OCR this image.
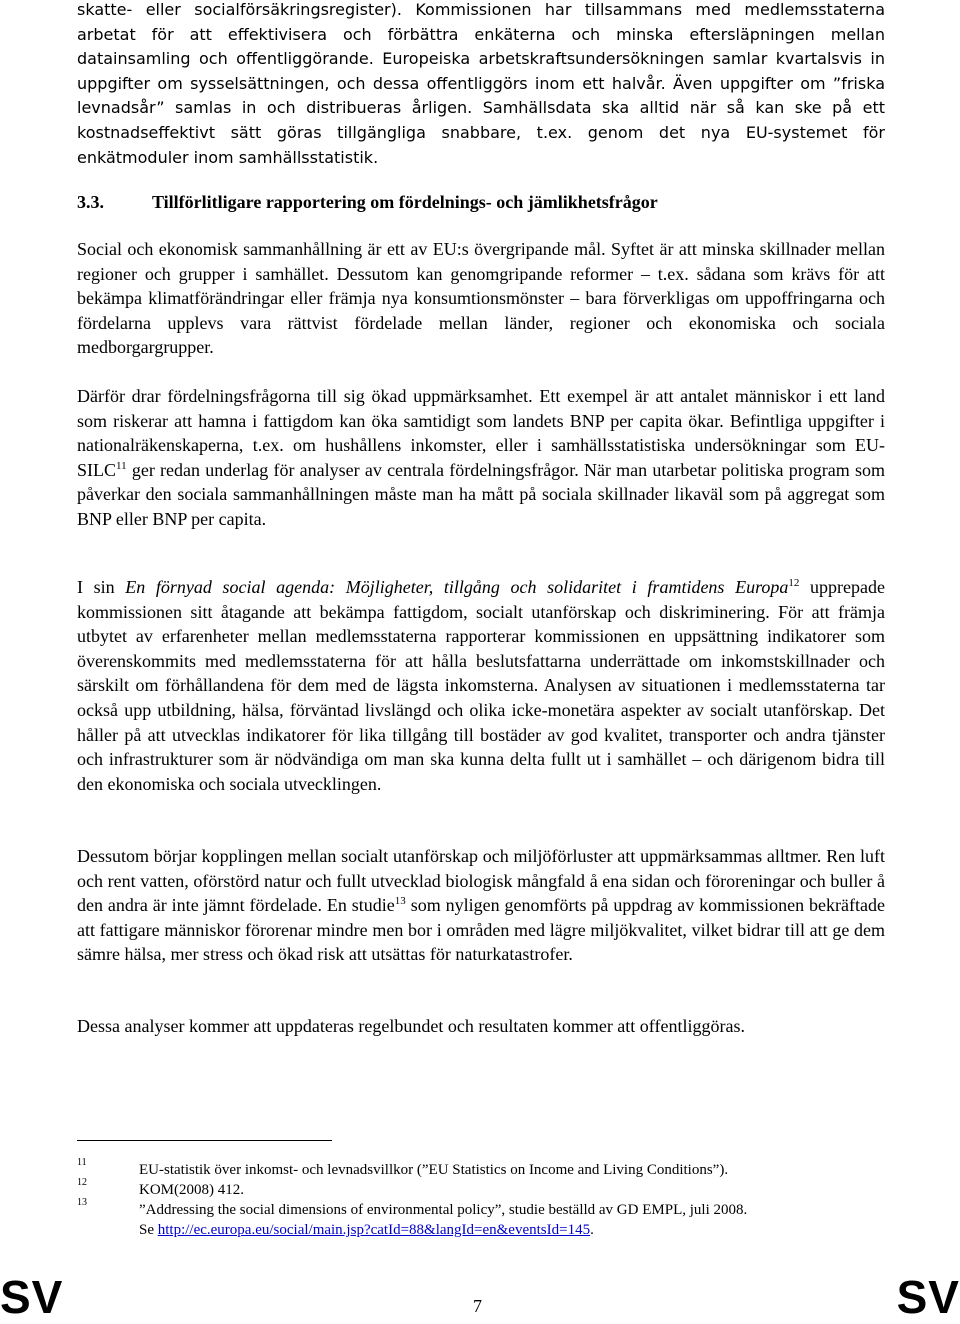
skatte- eller socialförsäkringsregister). Kommissionen har tillsammans med medlemsstaterna
arbetat för att effektivisera och förbättra enkäterna och minska eftersläpningen mellan
datainsamling och offentliggörande. Europeiska arbetskraftsundersökningen samlar kvartalsvis in uppgifter om sysselsättningen, och dessa offentliggörs inom ett halvår. Även uppgifter om ”friska levnadsår” samlas in och distribueras årligen. Samhällsdata ska alltid när så kan ske på ett kostnadseffektivt sätt göras tillgängliga snabbare, t.ex. genom det nya EU-systemet för enkätmoduler inom samhällsstatistik.
3.3.	Tillförlitligare rapportering om fördelnings- och jämlikhetsfrågor

Social och ekonomisk sammanhållning är ett av EU:s övergripande mål. Syftet är att minska skillnader mellan regioner och grupper i samhället. Dessutom kan genomgripande reformer – t.ex. sådana som krävs för att bekämpa klimatförändringar eller främja nya konsumtionsmönster – bara förverkligas om uppoffringarna och fördelarna upplevs vara rättvist fördelade mellan länder, regioner och ekonomiska och sociala medborgargrupper.

Därför drar fördelningsfrågorna till sig ökad uppmärksamhet. Ett exempel är att antalet människor i ett land som riskerar att hamna i fattigdom kan öka samtidigt som landets BNP per capita ökar. Befintliga uppgifter i nationalräkenskaperna, t.ex. om hushållens inkomster, eller i samhällsstatistiska undersökningar som EU-SILC$^{11}$ ger redan underlag för analyser av centrala fördelningsfrågor. När man utarbetar politiska program som påverkar den sociala sammanhållningen måste man ha mått på sociala skillnader likaväl som på aggregat som BNP eller BNP per capita.

I sin En förnyad social agenda: Möjligheter, tillgång och solidaritet i framtidens Europa$^{12}$ upprepade kommissionen sitt åtagande att bekämpa fattigdom, socialt utanförskap och diskriminering. För att främja utbytet av erfarenheter mellan medlemsstaterna rapporterar kommissionen en uppsättning indikatorer som överenskommits med medlemsstaterna för att hålla beslutsfattarna underrättade om inkomstskillnader och särskilt om förhållandena för dem med de lägsta inkomsterna. Analysen av situationen i medlemsstaterna tar också upp utbildning, hälsa, förväntad livslängd och olika icke-monetära aspekter av socialt utanförskap. Det håller på att utvecklas indikatorer för lika tillgång till bostäder av god kvalitet, transporter och andra tjänster och infrastrukturer som är nödvändiga om man ska kunna delta fullt ut i samhället – och därigenom bidra till den ekonomiska och sociala utvecklingen.

Dessutom börjar kopplingen mellan socialt utanförskap och miljöförluster att uppmärksammas alltmer. Ren luft och rent vatten, oförstörd natur och fullt utvecklad biologisk mångfald å ena sidan och föroreningar och buller å den andra är inte jämnt fördelade. En studie$^{13}$ som nyligen genomförts på uppdrag av kommissionen bekräftade att fattigare människor förorenar mindre men bor i områden med lägre miljökvalitet, vilket bidrar till att ge dem sämre hälsa, mer stress och ökad risk att utsättas för naturkatastrofer.

Dessa analyser kommer att uppdateras regelbundet och resultaten kommer att offentliggöras.

11	EU-statistik över inkomst- och levnadsvillkor (”EU Statistics on Income and Living Conditions”).
12	KOM(2008) 412.
13	”Addressing the social dimensions of environmental policy”, studie beställd av GD EMPL, juli 2008.
Se http://ec.europa.eu/social/main.jsp?catId=88&langId=en&eventsId=145.
SV	7	SV
